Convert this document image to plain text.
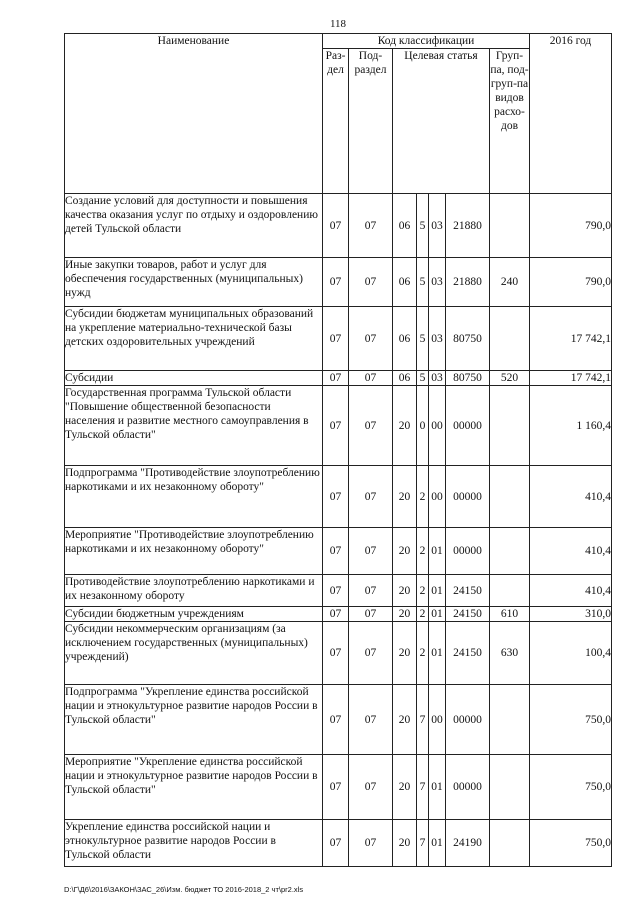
118
Наименование	Код классификации							2016 год
	Раз-дел	Под-раздел	Целевая статья				Груп-па, под-груп-па видов расхо-дов	
Создание условий для доступности и повышения качества оказания услуг по отдыху и оздоровлению детей Тульской области	07	07	06	5	03	21880		790,0
Иные закупки товаров, работ и услуг для обеспечения государственных (муниципальных) нужд	07	07	06	5	03	21880	240	790,0
Субсидии бюджетам муниципальных образований на укрепление материально-технической базы детских оздоровительных учреждений	07	07	06	5	03	80750		17 742,1
Субсидии	07	07	06	5	03	80750	520	17 742,1
Государственная программа Тульской области "Повышение общественной безопасности населения и развитие местного самоуправления в Тульской области"	07	07	20	0	00	00000		1 160,4
Подпрограмма "Противодействие злоупотреблению наркотиками и их незаконному обороту"	07	07	20	2	00	00000		410,4
Мероприятие "Противодействие злоупотреблению наркотиками и их незаконному обороту"	07	07	20	2	01	00000		410,4
Противодействие злоупотреблению наркотиками и их незаконному обороту	07	07	20	2	01	24150		410,4
Субсидии бюджетным учреждениям	07	07	20	2	01	24150	610	310,0
Субсидии некоммерческим организациям (за исключением государственных (муниципальных) учреждений)	07	07	20	2	01	24150	630	100,4
Подпрограмма "Укрепление единства российской нации и этнокультурное развитие народов России в Тульской области"	07	07	20	7	00	00000		750,0
Мероприятие "Укрепление единства российской нации и этнокультурное развитие народов России в Тульской области"	07	07	20	7	01	00000		750,0
Укрепление единства российской нации и этнокультурное развитие народов России в Тульской области	07	07	20	7	01	24190		750,0
D:\Г\Д6\2016\ЗАКОН\ЗАС_26\Изм. бюджет ТО 2016-2018_2 чт\pr2.xls
